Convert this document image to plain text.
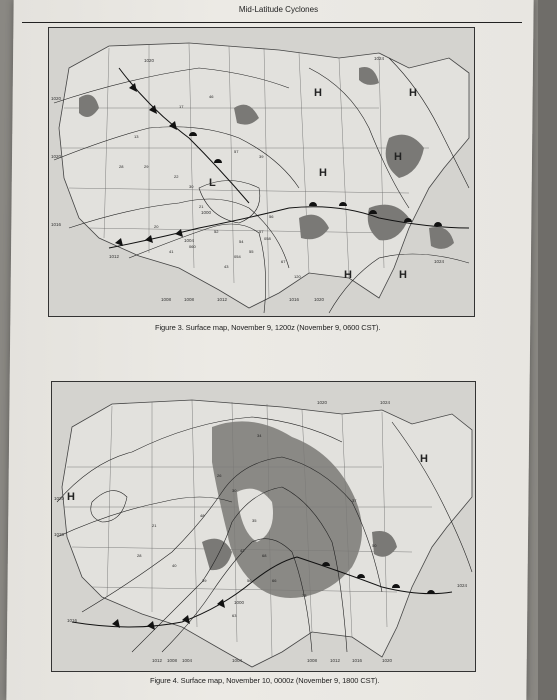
Mid-Latitude Cyclones
1020	1024
1020
1020
1016
1012
1008	1008	1012	1016	1020
1000
1004
1024
H	H
H
L
H
H	H
17
46
13
28	29
22
57
39
30
21
20
52
54
57
55
67
120
41
43
56
060
054
058
Figure 3. Surface map, November 9, 1200z (November 9, 0600 CST).
1020	1024
1020
1020
1016
1012 1008 1004	1004	1008	1012	1016	1020
1000
1024
H
H
34
26
30
28
21
40
48
35
42
39	56
63
66
68
73
37
50
Figure 4. Surface map, November 10, 0000z (November 9, 1800 CST).
